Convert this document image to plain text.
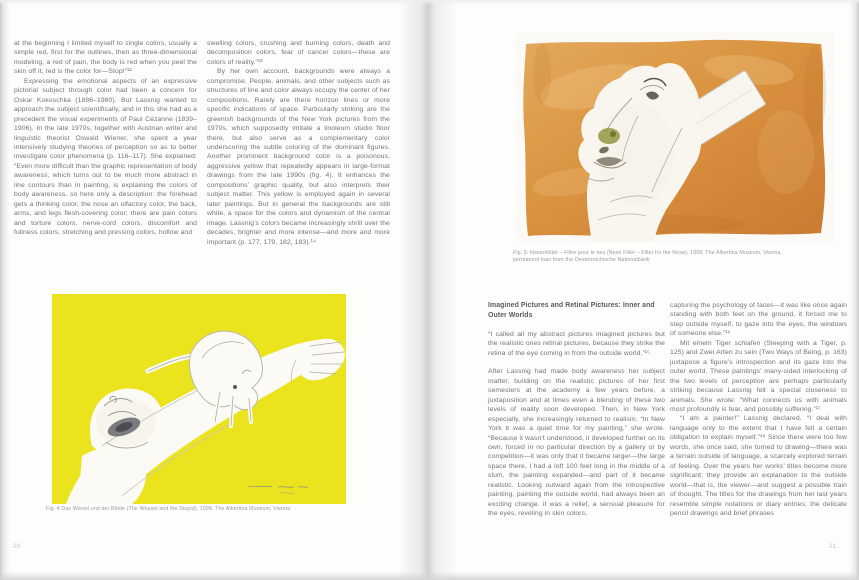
at the beginning I limited myself to single colors, usually a simple red, first for the outlines, then as three-dimensional modeling, a red of pain, the body is red when you peel the skin off it, red is the color for—Stop!"¹²

Expressing the emotional aspects of an expressive pictorial subject through color had been a concern for Oskar Kokoschka (1886–1980). But Lassnig wanted to approach the subject scientifically, and in this she had as a precedent the visual experiments of Paul Cézanne (1839–1906). In the late 1970s, together with Austrian writer and linguistic theorist Oswald Wiener, she spent a year intensively studying theories of perception so as to better investigate color phenomena (p. 116–117). She explained: “Even more difficult than the graphic representation of body awareness, which turns out to be much more abstract in line contours than in painting, is explaining the colors of body awareness, so here only a description: the forehead gets a thinking color, the nose an olfactory color, the back, arms, and legs flesh-covering color; there are pain colors and torture colors, nerve-cord colors, discomfort and fullness colors, stretching and pressing colors, hollow and

swelling colors, crushing and burning colors, death and decomposition colors, fear of cancer colors—these are colors of reality.”¹³

By her own account, backgrounds were always a compromise. People, animals, and other subjects such as structures of line and color always occupy the center of her compositions. Rarely are there horizon lines or more specific indications of space. Particularly striking are the greenish backgrounds of the New York pictures from the 1970s, which supposedly imitate a linoleum studio floor there, but also serve as a complementary color underscoring the subtle coloring of the dominant figures. Another prominent background color is a poisonous, aggressive yellow that repeatedly appears in large-format drawings from the late 1990s (fig. 4). It enhances the compositions’ graphic quality, but also interprets their subject matter. This yellow is employed again in several later paintings. But in general the backgrounds are still white, a space for the colors and dynamism of the central image. Lassnig’s colors became increasingly shrill over the decades, brighter and more intense—and more and more important (p. 177, 179, 182, 183).¹⁴

Fig. 4 Das Wiesel und der Blöde (The Weasel and the Stupid), 1998, The Albertina Museum, Vienna
20
Fig. 5: Nasenfüller – Filtre pour le nez (Nose Filler – Filler for the Nose), 1998, The Albertina Museum, Vienna,
permanent loan from the Oesterreichische Nationalbank
Imagined Pictures and Retinal Pictures: Inner and Outer Worlds

“I called all my abstract pictures imagined pictures but the realistic ones retinal pictures, because they strike the retina of the eye coming in from the outside world.”¹⁵

After Lassnig had made body awareness her subject matter, building on the realistic pictures of her first semesters at the academy a few years before, a juxtaposition and at times even a blending of these two levels of reality soon developed. Then, in New York especially, she increasingly returned to realism. “In New York it was a quiet time for my painting,” she wrote. “Because it wasn’t understood, it developed further on its own, forced in no particular direction by a gallery or by competition—it was only that it became larger—the large space there, I had a loft 100 feet long in the middle of a slum, the painting expanded—and part of it became realistic. Looking outward again from the introspective painting, painting the outside world, had always been an exciting change. it was a relief, a sensual pleasure for the eyes, reveling in skin colors,

capturing the psychology of faces—it was like once again standing with both feet on the ground, it forced me to step outside myself, to gaze into the eyes, the windows of someone else.”¹⁶

Mit einem Tiger schlafen (Sleeping with a Tiger, p. 125) and Zwei Arten zu sein (Two Ways of Being, p. 163) juxtapose a figure’s introspection and its gaze into the outer world. These paintings’ many-sided interlocking of the two levels of perception are perhaps particularly striking because Lassnig felt a special closeness to animals. She wrote: “What connects us with animals most profoundly is fear, and possibly suffering.”¹⁷

“I am a painter!” Lassnig declared. “I deal with language only to the extent that I have felt a certain obligation to explain myself.”¹⁸ Since there were too few words, she once said, she turned to drawing—there was a terrain outside of language, a scarcely explored terrain of feeling. Over the years her works’ titles become more significant; they provide an explanation to the outside world—that is, the viewer—and suggest a possible train of thought. The titles for the drawings from her last years resemble simple notations or diary entries; the delicate pencil drawings and brief phrases

21
